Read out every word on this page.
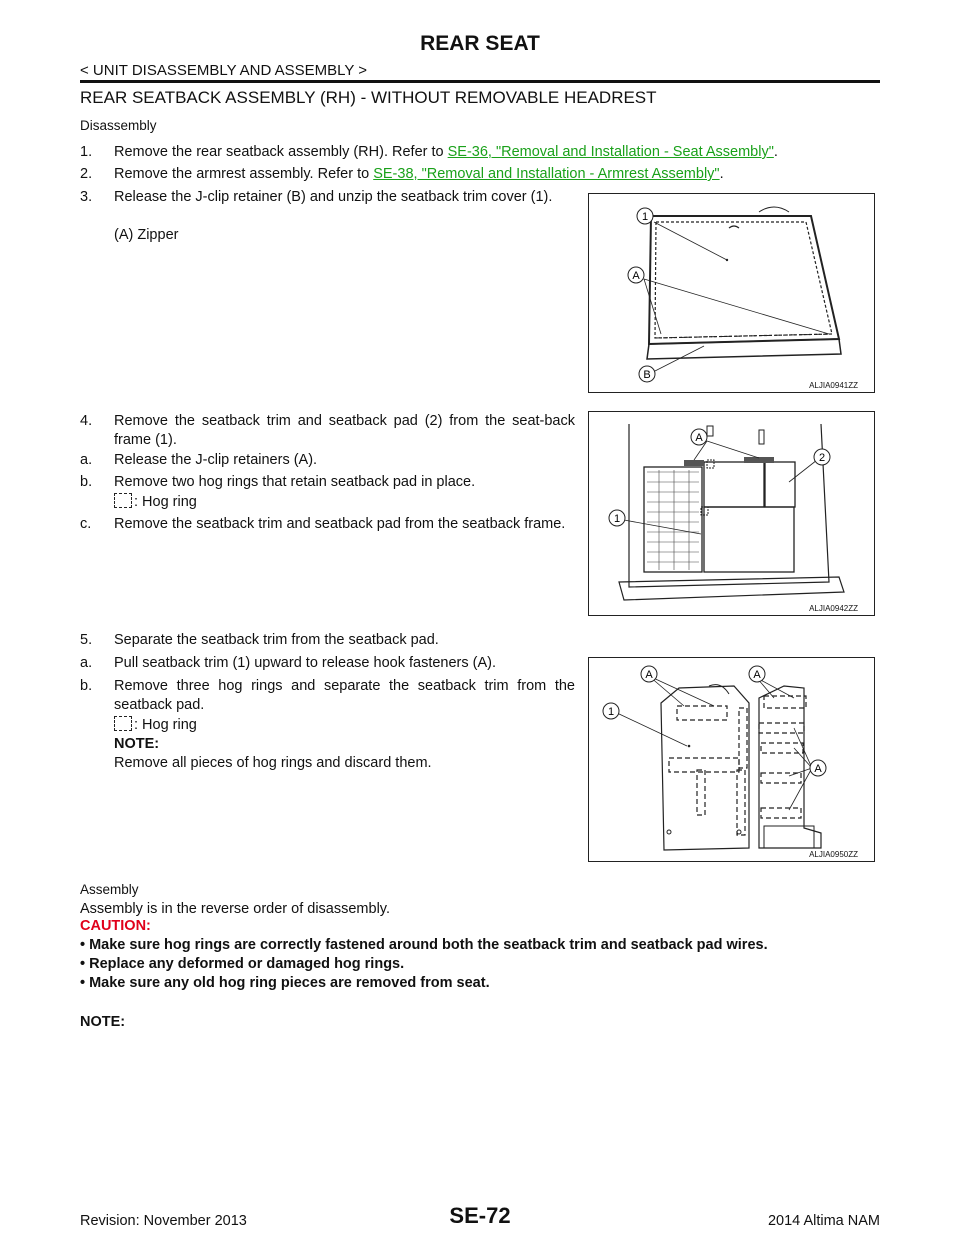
REAR SEAT
< UNIT DISASSEMBLY AND ASSEMBLY >
REAR SEATBACK ASSEMBLY (RH) - WITHOUT REMOVABLE HEADREST
Disassembly
1. Remove the rear seatback assembly (RH). Refer to SE-36, "Removal and Installation - Seat Assembly".
2. Remove the armrest assembly. Refer to SE-38, "Removal and Installation - Armrest Assembly".
3. Release the J-clip retainer (B) and unzip the seatback trim cover (1).
(A) Zipper
1
A
B
ALJIA0941ZZ
4. Remove the seatback trim and seatback pad (2) from the seat-back frame (1).
a. Release the J-clip retainers (A).
b. Remove two hog rings that retain seatback pad in place.
: Hog ring
c. Remove the seatback trim and seatback pad from the seatback frame.
A
1
2
ALJIA0942ZZ
5. Separate the seatback trim from the seatback pad.
a. Pull seatback trim (1) upward to release hook fasteners (A).
b. Remove three hog rings and separate the seatback trim from the seatback pad.
: Hog ring
NOTE:
Remove all pieces of hog rings and discard them.
A	A
A
1
ALJIA0950ZZ
Assembly
Assembly is in the reverse order of disassembly.
CAUTION:
• Make sure hog rings are correctly fastened around both the seatback trim and seatback pad wires.
• Replace any deformed or damaged hog rings.
• Make sure any old hog ring pieces are removed from seat.
NOTE:
Revision: November 2013	SE-72	2014 Altima NAM
